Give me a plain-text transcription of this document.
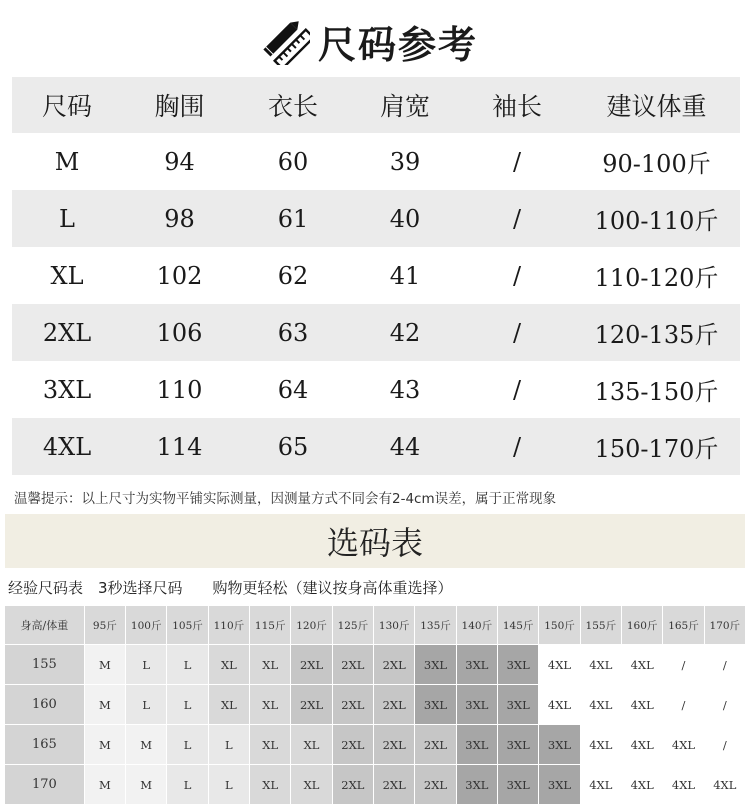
尺码参考
尺码	胸围	衣长	肩宽	袖长	建议体重
M	94	60	39	/	90-100斤
L	98	61	40	/	100-110斤
XL	102	62	41	/	110-120斤
2XL	106	63	42	/	120-135斤
3XL	110	64	43	/	135-150斤
4XL	114	65	44	/	150-170斤
温馨提示：以上尺寸为实物平铺实际测量，因测量方式不同会有2-4cm误差，属于正常现象
选码表
经验尺码表　3秒选择尺码　　购物更轻松（建议按身高体重选择）
身高/体重	95斤	100斤	105斤	110斤	115斤	120斤	125斤	130斤	135斤	140斤	145斤	150斤	155斤	160斤	165斤	170斤
155	M	L	L	XL	XL	2XL	2XL	2XL	3XL	3XL	3XL	4XL	4XL	4XL	/	/
160	M	L	L	XL	XL	2XL	2XL	2XL	3XL	3XL	3XL	4XL	4XL	4XL	/	/
165	M	M	L	L	XL	XL	2XL	2XL	2XL	3XL	3XL	3XL	4XL	4XL	4XL	/
170	M	M	L	L	XL	XL	2XL	2XL	2XL	3XL	3XL	3XL	4XL	4XL	4XL	4XL
